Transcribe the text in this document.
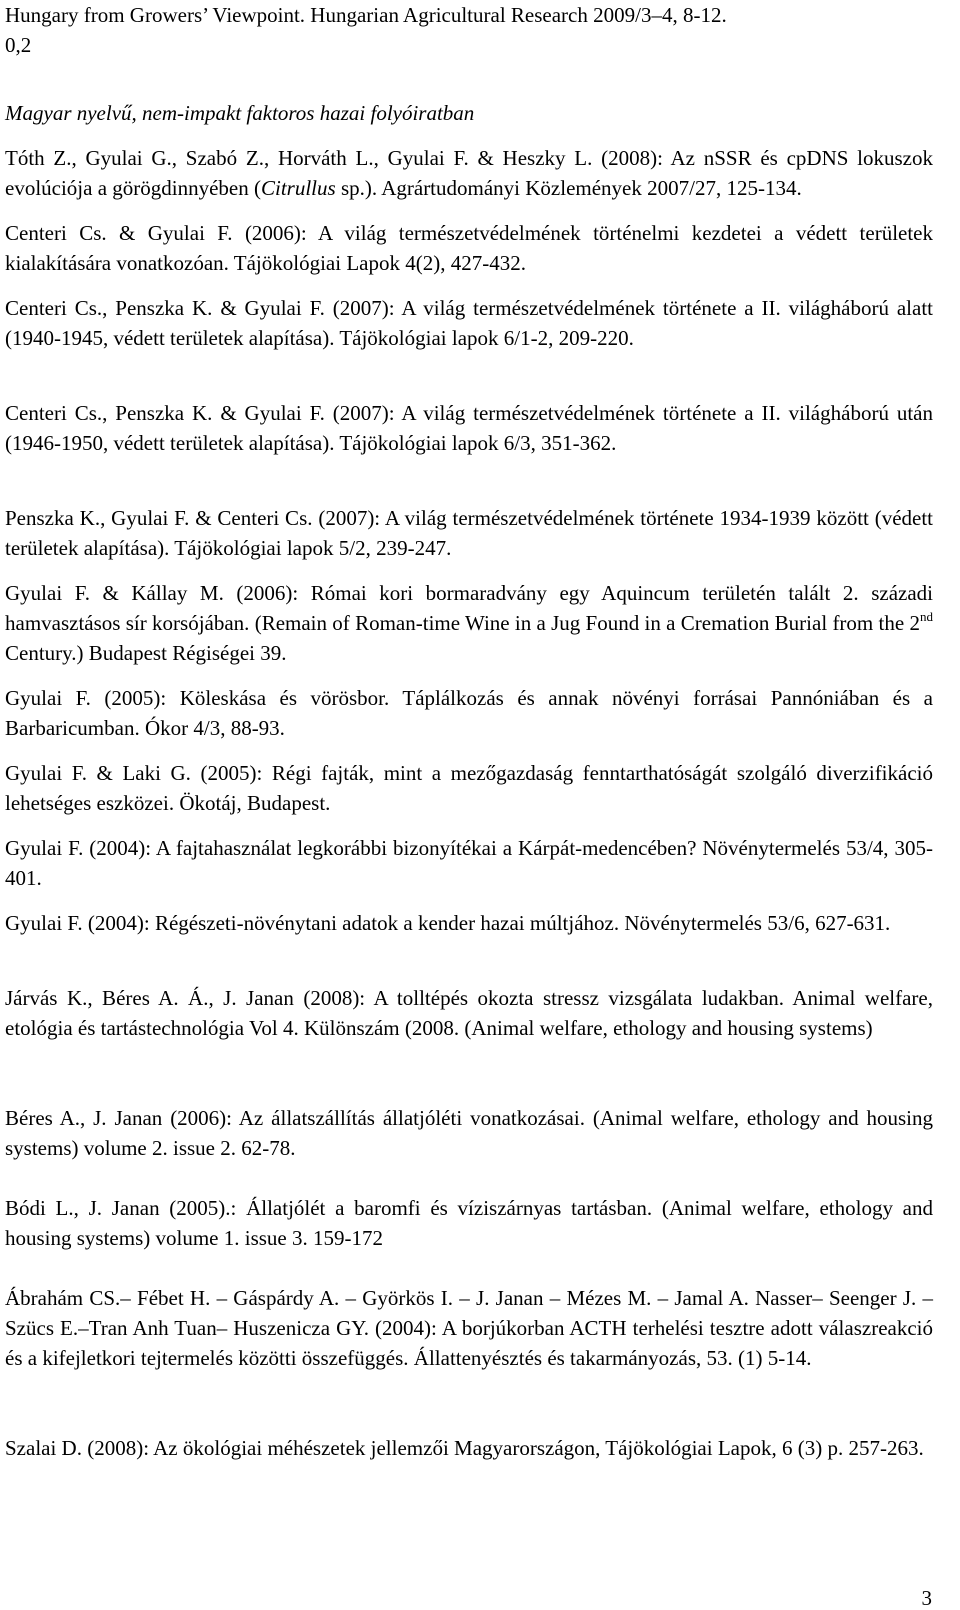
Hungary from Growers’ Viewpoint. Hungarian Agricultural Research 2009/3–4, 8-12.
0,2

Magyar nyelvű, nem-impakt faktoros hazai folyóiratban

Tóth Z., Gyulai G., Szabó Z., Horváth L., Gyulai F. & Heszky L. (2008): Az nSSR és cpDNS lokuszok evolúciója a görögdinnyében (Citrullus sp.). Agrártudományi Közlemények 2007/27, 125-134.

Centeri Cs. & Gyulai F. (2006): A világ természetvédelmének történelmi kezdetei a védett területek kialakítására vonatkozóan. Tájökológiai Lapok 4(2), 427-432.

Centeri Cs., Penszka K. & Gyulai F. (2007): A világ természetvédelmének története a II. világháború alatt (1940-1945, védett területek alapítása). Tájökológiai lapok 6/1-2, 209-220.

Centeri Cs., Penszka K. & Gyulai F. (2007): A világ természetvédelmének története a II. világháború után (1946-1950, védett területek alapítása). Tájökológiai lapok 6/3, 351-362.

Penszka K., Gyulai F. & Centeri Cs. (2007): A világ természetvédelmének története 1934-1939 között (védett területek alapítása). Tájökológiai lapok 5/2, 239-247.

Gyulai F. & Kállay M. (2006): Római kori bormaradvány egy Aquincum területén talált 2. századi hamvasztásos sír korsójában. (Remain of Roman-time Wine in a Jug Found in a Cremation Burial from the 2nd Century.) Budapest Régiségei 39.

Gyulai F. (2005): Köleskása és vörösbor. Táplálkozás és annak növényi forrásai Pannóniában és a Barbaricumban. Ókor 4/3, 88-93.

Gyulai F. & Laki G. (2005): Régi fajták, mint a mezőgazdaság fenntarthatóságát szolgáló diverzifikáció lehetséges eszközei. Ökotáj, Budapest.

Gyulai F. (2004): A fajtahasználat legkorábbi bizonyítékai a Kárpát-medencében? Növénytermelés 53/4, 305-401.

Gyulai F. (2004): Régészeti-növénytani adatok a kender hazai múltjához. Növénytermelés 53/6, 627-631.

Járvás K., Béres A. Á., J. Janan (2008): A tolltépés okozta stressz vizsgálata ludakban. Animal welfare, etológia és tartástechnológia Vol 4. Különszám (2008. (Animal welfare, ethology and housing systems)

Béres A., J. Janan (2006): Az állatszállítás állatjóléti vonatkozásai. (Animal welfare, ethology and housing systems) volume 2. issue 2. 62-78.

Bódi L., J. Janan (2005).: Állatjólét a baromfi és víziszárnyas tartásban. (Animal welfare, ethology and housing systems) volume 1. issue 3. 159-172

Ábrahám CS.– Fébet H. – Gáspárdy A. – Györkös I. – J. Janan – Mézes M. – Jamal A. Nasser– Seenger J. – Szücs E.–Tran Anh Tuan– Huszenicza GY. (2004): A borjúkorban ACTH terhelési tesztre adott válaszreakció és a kifejletkori tejtermelés közötti összefüggés. Állattenyésztés és takarmányozás, 53. (1) 5-14.

Szalai D. (2008): Az ökológiai méhészetek jellemzői Magyarországon, Tájökológiai Lapok, 6 (3) p. 257-263.

3
